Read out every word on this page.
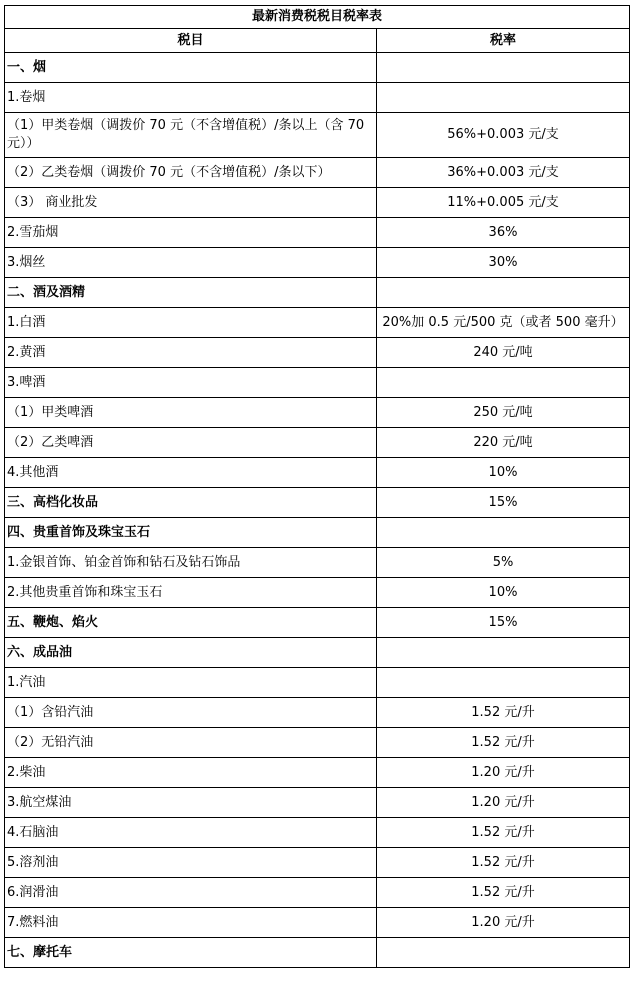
最新消费税税目税率表	
税目	税率
一、烟	
1.卷烟	
（1）甲类卷烟（调拨价 70 元（不含增值税）/条以上（含 70 元））	56%+0.003 元/支
（2）乙类卷烟（调拨价 70 元（不含增值税）/条以下）	36%+0.003 元/支
（3） 商业批发	11%+0.005 元/支
2.雪茄烟	36%
3.烟丝	30%
二、酒及酒精	
1.白酒	20%加 0.5 元/500 克（或者 500 毫升）
2.黄酒	240 元/吨
3.啤酒	
（1）甲类啤酒	250 元/吨
（2）乙类啤酒	220 元/吨
4.其他酒	10%
三、高档化妆品	15%
四、贵重首饰及珠宝玉石	
1.金银首饰、铂金首饰和钻石及钻石饰品	5%
2.其他贵重首饰和珠宝玉石	10%
五、鞭炮、焰火	15%
六、成品油	
1.汽油	
（1）含铅汽油	1.52 元/升
（2）无铅汽油	1.52 元/升
2.柴油	1.20 元/升
3.航空煤油	1.20 元/升
4.石脑油	1.52 元/升
5.溶剂油	1.52 元/升
6.润滑油	1.52 元/升
7.燃料油	1.20 元/升
七、摩托车	
